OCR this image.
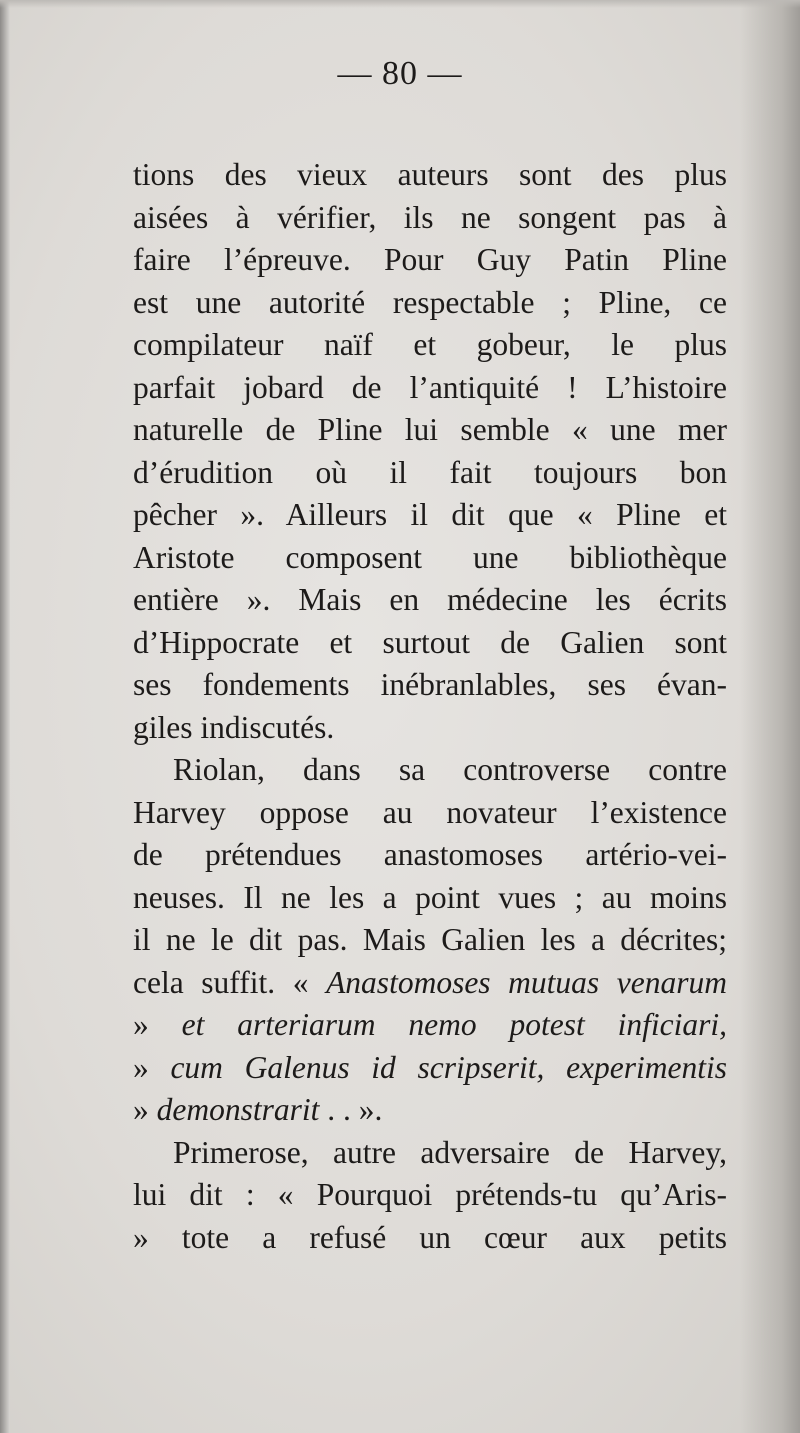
— 80 —
tions des vieux auteurs sont des plus
aisées à vérifier, ils ne songent pas à
faire l’épreuve. Pour Guy Patin Pline
est une autorité respectable ; Pline, ce
compilateur naïf et gobeur, le plus
parfait jobard de l’antiquité ! L’histoire
naturelle de Pline lui semble « une mer
d’érudition où il fait toujours bon
pêcher ». Ailleurs il dit que « Pline et
Aristote composent une bibliothèque
entière ». Mais en médecine les écrits
d’Hippocrate et surtout de Galien sont
ses fondements inébranlables, ses évan-
giles indiscutés.
Riolan, dans sa controverse contre
Harvey oppose au novateur l’existence
de prétendues anastomoses artério-vei-
neuses. Il ne les a point vues ; au moins
il ne le dit pas. Mais Galien les a décrites;
cela suffit. « Anastomoses mutuas venarum
» et arteriarum nemo potest inficiari,
» cum Galenus id scripserit, experimentis
» demonstrarit . . ».
Primerose, autre adversaire de Harvey,
lui dit : « Pourquoi prétends-tu qu’Aris-
» tote a refusé un cœur aux petits
